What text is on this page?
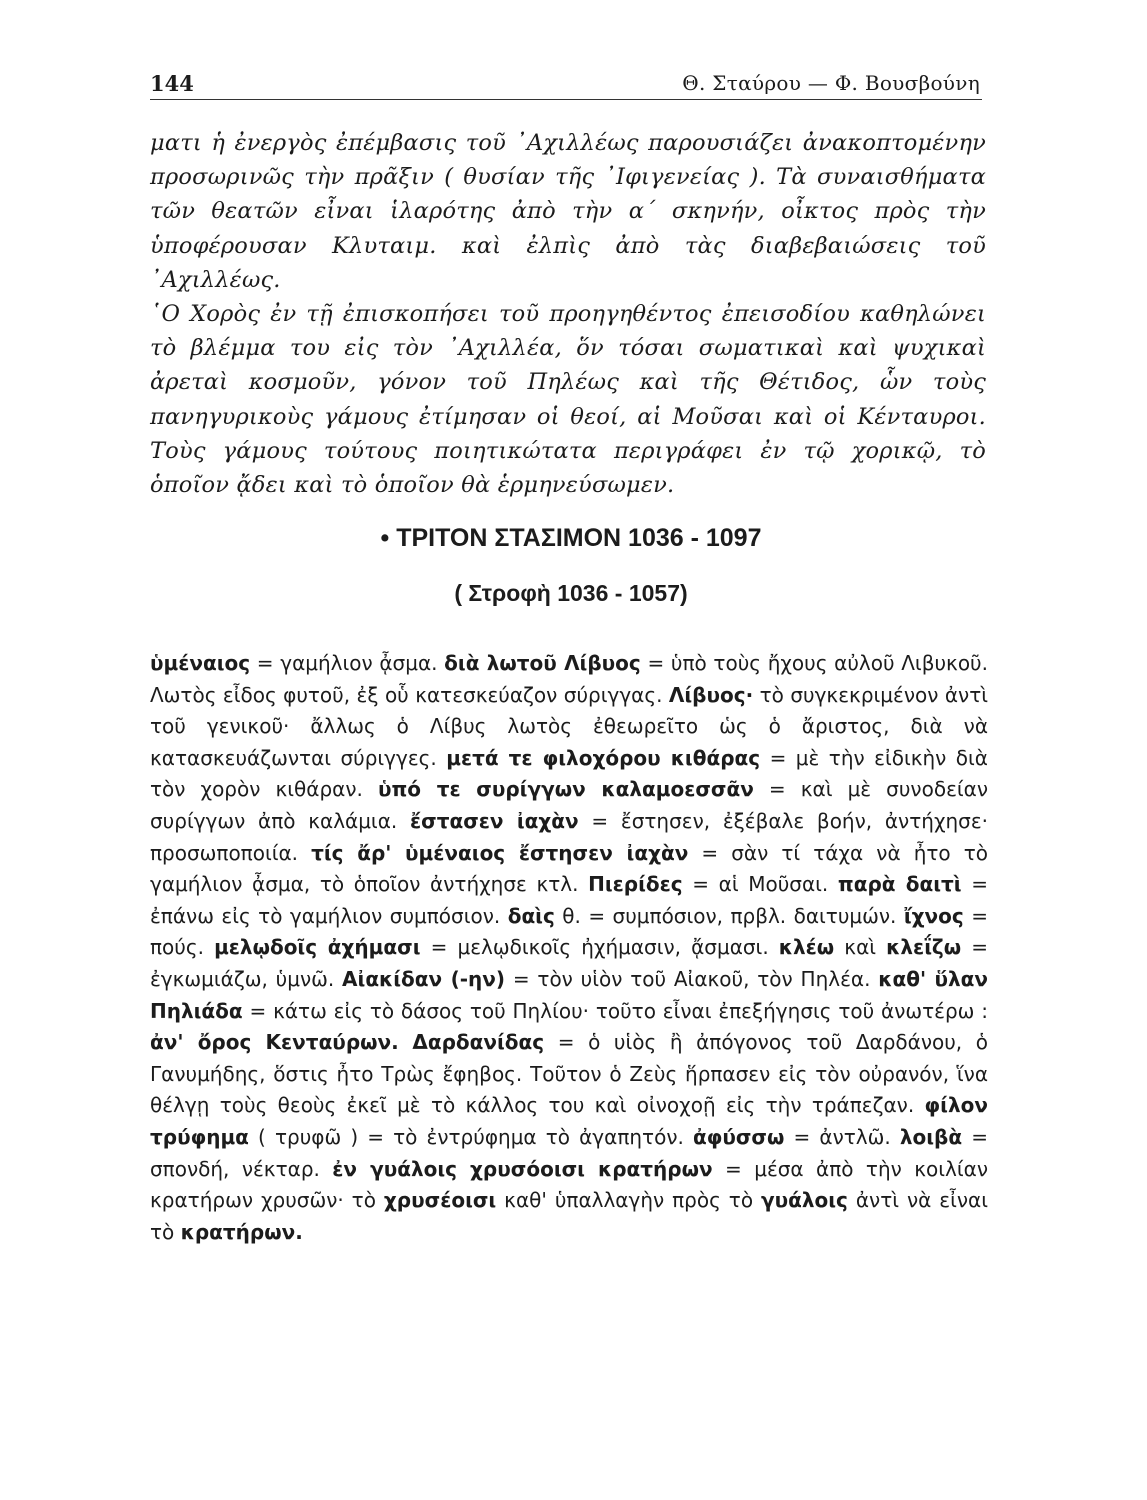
144	Θ. Σταύρου — Φ. Βουσβούνη

ματι ἡ ἐνεργὸς ἐπέμβασις τοῦ ᾿Αχιλλέως παρουσιάζει ἀνακοπτομένην προσωρινῶς τὴν πρᾶξιν ( θυσίαν τῆς ᾿Ιφιγενείας ). Τὰ συναισθήματα τῶν θεατῶν εἶναι ἱλαρότης ἀπὸ τὴν α΄ σκηνήν, οἶκτος πρὸς τὴν ὑποφέρουσαν Κλυταιμ. καὶ ἐλπὶς ἀπὸ τὰς διαβεβαιώσεις τοῦ ᾿Αχιλλέως.

῾Ο Χορὸς ἐν τῇ ἐπισκοπήσει τοῦ προηγηθέντος ἐπεισοδίου καθηλώνει τὸ βλέμμα του εἰς τὸν ᾿Αχιλλέα, ὅν τόσαι σωματικαὶ καὶ ψυχικαὶ ἀρεταὶ κοσμοῦν, γόνον τοῦ Πηλέως καὶ τῆς Θέτιδος, ὧν τοὺς πανηγυρικοὺς γάμους ἐτίμησαν οἱ θεοί, αἱ Μοῦσαι καὶ οἱ Κένταυροι. Τοὺς γάμους τούτους ποιητικώτατα περιγράφει ἐν τῷ χορικῷ, τὸ ὁποῖον ᾄδει καὶ τὸ ὁποῖον θὰ ἑρμηνεύσωμεν.

• ΤΡΙΤΟΝ ΣΤΑΣΙΜΟΝ 1036 - 1097
( Στροφὴ 1036 - 1057)

ὑμέναιος = γαμήλιον ᾆσμα. διὰ λωτοῦ Λίβυος = ὑπὸ τοὺς ἤχους αὐλοῦ Λιβυκοῦ. Λωτὸς εἶδος φυτοῦ, ἐξ οὗ κατεσκεύαζον σύριγγας. Λίβυος· τὸ συγκεκριμένον ἀντὶ τοῦ γενικοῦ· ἄλλως ὁ Λίβυς λωτὸς ἐθεωρεῖτο ὡς ὁ ἄριστος, διὰ νὰ κατασκευάζωνται σύριγγες. μετά τε φιλοχόρου κιθάρας = μὲ τὴν εἰδικὴν διὰ τὸν χορὸν κιθάραν. ὑπό τε συρίγγων καλαμοεσσᾶν = καὶ μὲ συνοδείαν συρίγγων ἀπὸ καλάμια. ἔστασεν ἰαχὰν = ἔστησεν, ἐξέβαλε βοήν, ἀντήχησε· προσωποποιία. τίς ἄρ' ὑμέναιος ἔστησεν ἰαχὰν = σὰν τί τάχα νὰ ἦτο τὸ γαμήλιον ᾆσμα, τὸ ὁποῖον ἀντήχησε κτλ. Πιερίδες = αἱ Μοῦσαι. παρὰ δαιτὶ = ἐπάνω εἰς τὸ γαμήλιον συμπόσιον. δαὶς θ. = συμπόσιον, πρβλ. δαιτυμών. ἴχνος = πούς. μελῳδοῖς ἀχήμασι = μελῳδικοῖς ἠχήμασιν, ᾄσμασι. κλέω καὶ κλεΐζω = ἐγκωμιάζω, ὑμνῶ. Αἰακίδαν (-ην) = τὸν υἱὸν τοῦ Αἰακοῦ, τὸν Πηλέα. καθ' ὕλαν Πηλιάδα = κάτω εἰς τὸ δάσος τοῦ Πηλίου· τοῦτο εἶναι ἐπεξήγησις τοῦ ἀνωτέρω : ἀν' ὄρος Κενταύρων. Δαρδανίδας = ὁ υἱὸς ἢ ἀπόγονος τοῦ Δαρδάνου, ὁ Γανυμήδης, ὅστις ἦτο Τρὼς ἔφηβος. Τοῦτον ὁ Ζεὺς ἥρπασεν εἰς τὸν οὐρανόν, ἵνα θέλγῃ τοὺς θεοὺς ἐκεῖ μὲ τὸ κάλλος του καὶ οἰνοχοῇ εἰς τὴν τράπεζαν. φίλον τρύφημα ( τρυφῶ ) = τὸ ἐντρύφημα τὸ ἀγαπητόν. ἀφύσσω = ἀντλῶ. λοιβὰ = σπονδή, νέκταρ. ἐν γυάλοις χρυσόοισι κρατήρων = μέσα ἀπὸ τὴν κοιλίαν κρατήρων χρυσῶν· τὸ χρυσέοισι καθ' ὑπαλλαγὴν πρὸς τὸ γυάλοις ἀντὶ νὰ εἶναι τὸ κρατήρων.
